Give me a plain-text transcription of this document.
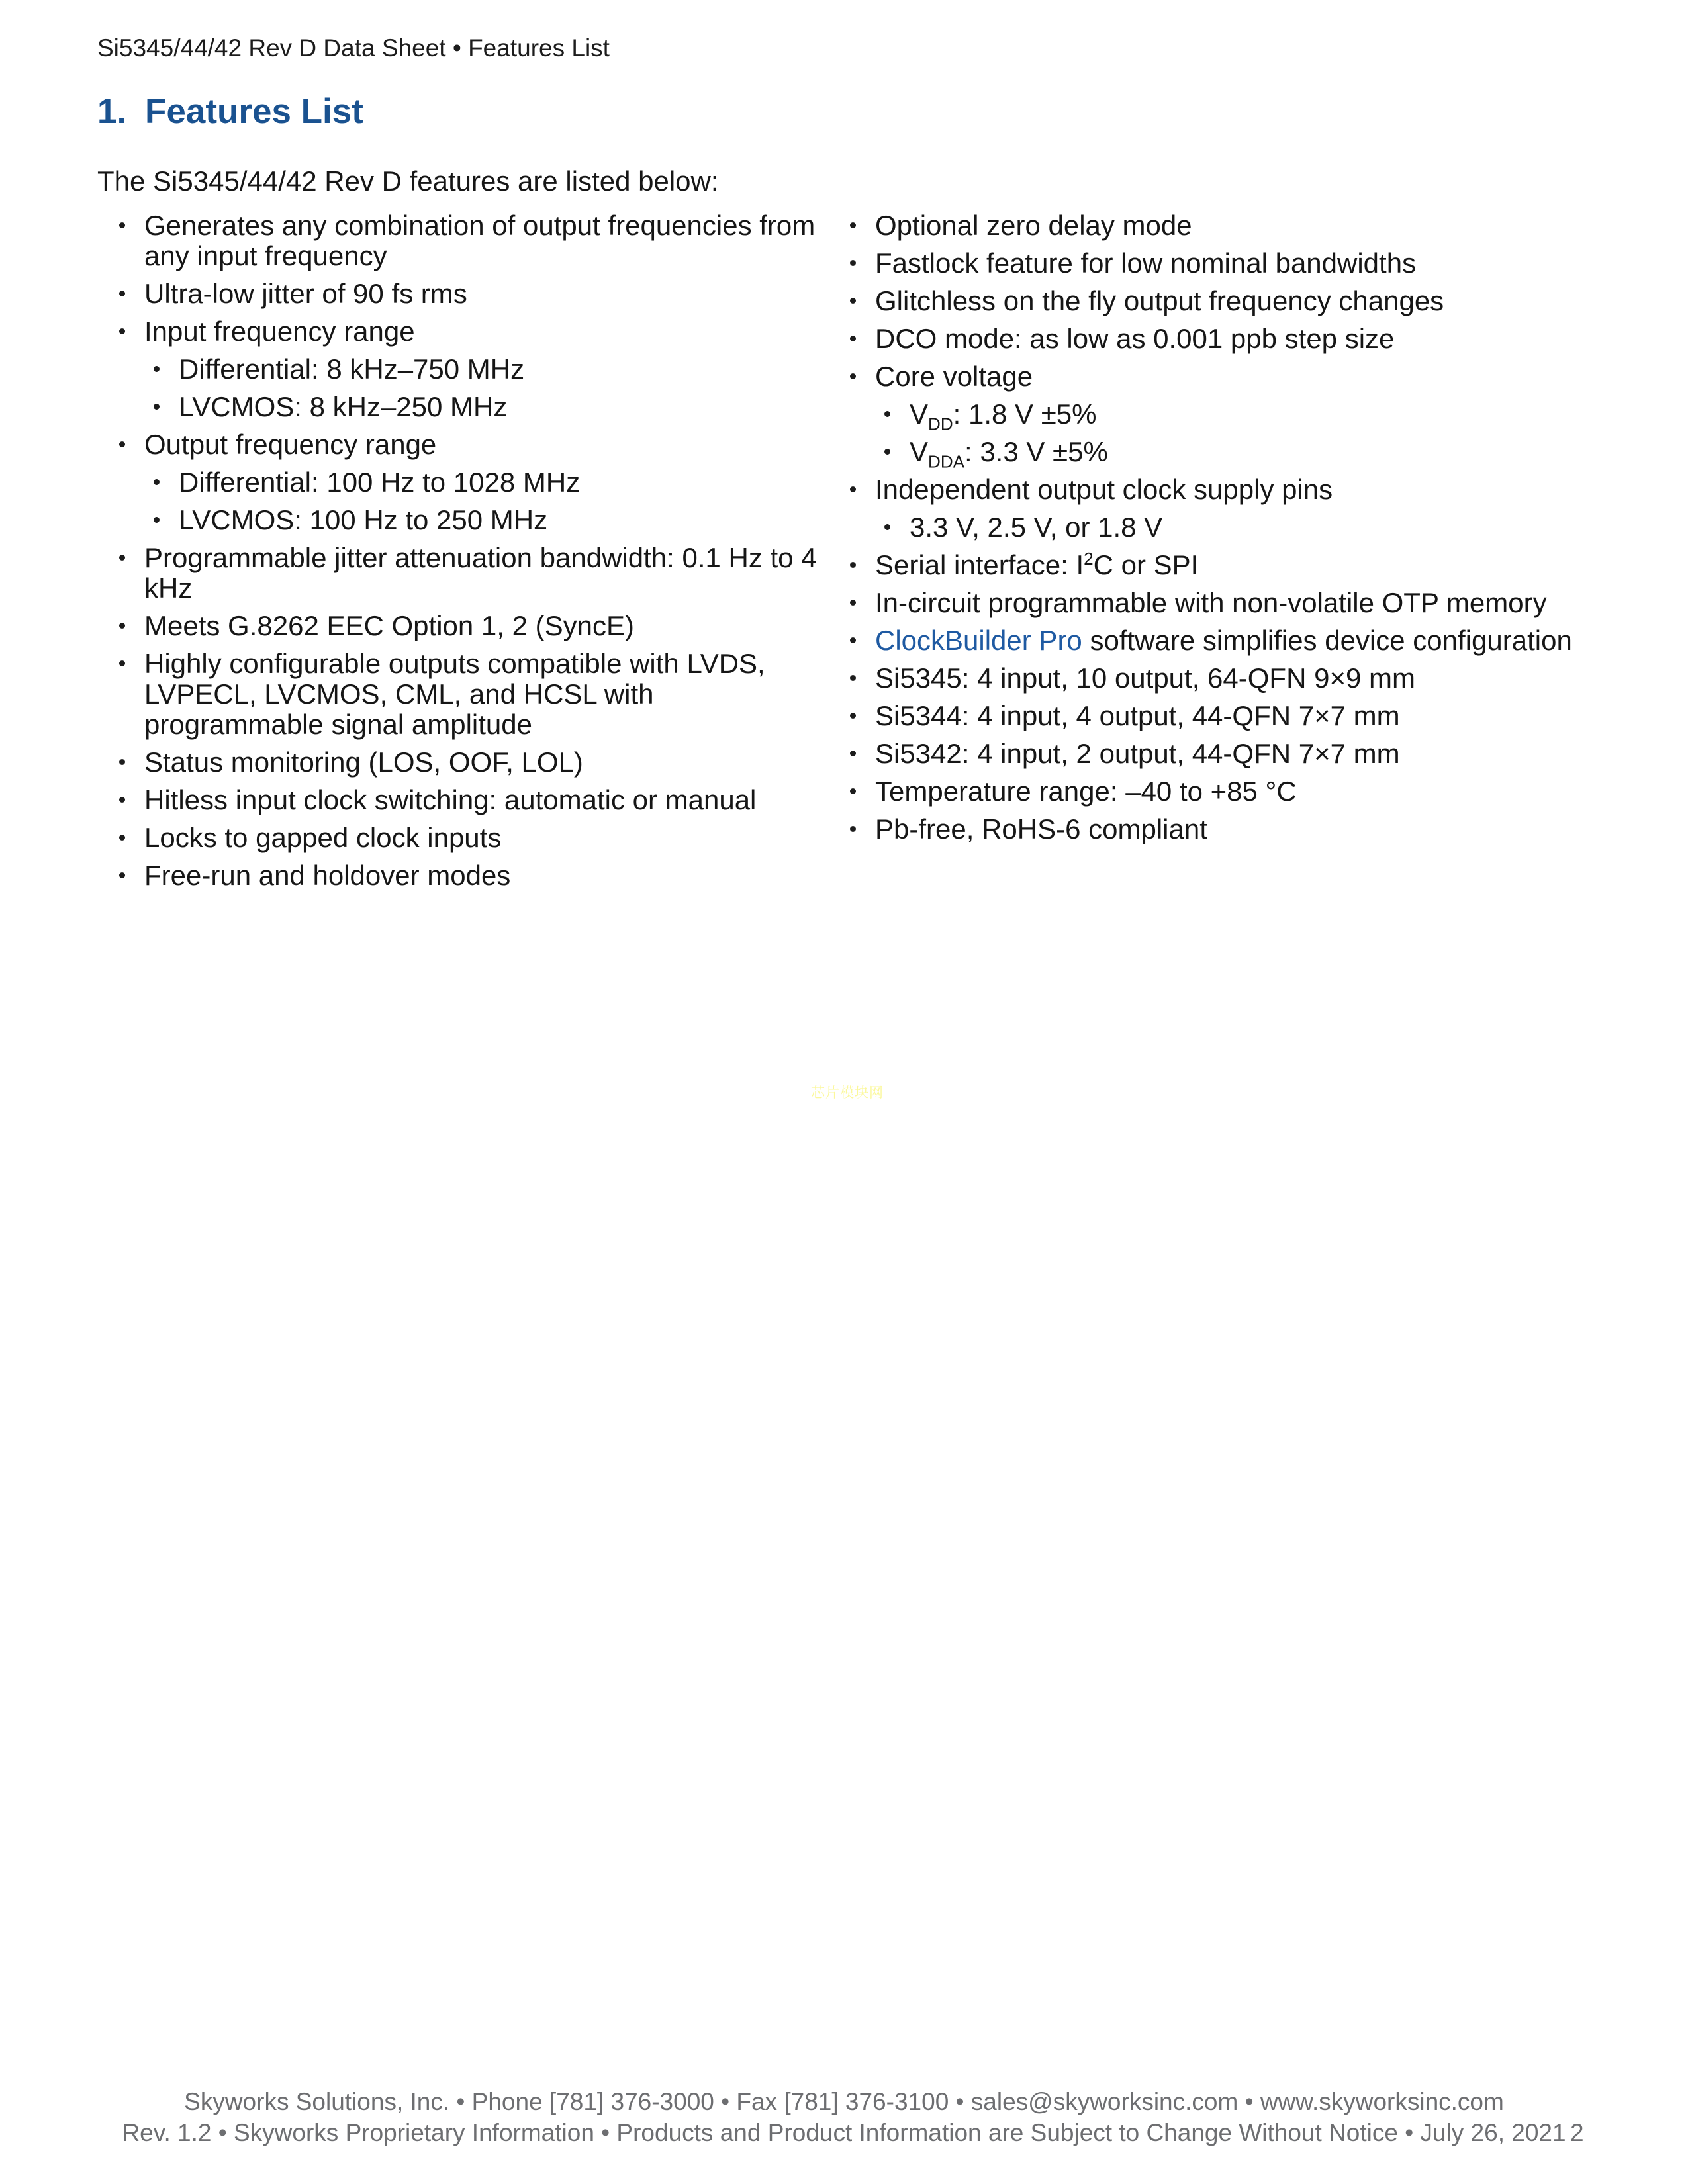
Si5345/44/42 Rev D Data Sheet • Features List
1. Features List
The Si5345/44/42 Rev D features are listed below:
Generates any combination of output frequencies from any input frequency
Ultra-low jitter of 90 fs rms
Input frequency range
Differential: 8 kHz–750 MHz
LVCMOS: 8 kHz–250 MHz
Output frequency range
Differential: 100 Hz to 1028 MHz
LVCMOS: 100 Hz to 250 MHz
Programmable jitter attenuation bandwidth: 0.1 Hz to 4 kHz
Meets G.8262 EEC Option 1, 2 (SyncE)
Highly configurable outputs compatible with LVDS, LVPECL, LVCMOS, CML, and HCSL with programmable signal amplitude
Status monitoring (LOS, OOF, LOL)
Hitless input clock switching: automatic or manual
Locks to gapped clock inputs
Free-run and holdover modes
Optional zero delay mode
Fastlock feature for low nominal bandwidths
Glitchless on the fly output frequency changes
DCO mode: as low as 0.001 ppb step size
Core voltage
$V_{DD}$: 1.8 V ±5%
$V_{DDA}$: 3.3 V ±5%
Independent output clock supply pins
3.3 V, 2.5 V, or 1.8 V
Serial interface: $I^2C$ or SPI
In-circuit programmable with non-volatile OTP memory
ClockBuilder Pro software simplifies device configuration
Si5345: 4 input, 10 output, 64-QFN 9×9 mm
Si5344: 4 input, 4 output, 44-QFN 7×7 mm
Si5342: 4 input, 2 output, 44-QFN 7×7 mm
Temperature range: –40 to +85 °C
Pb-free, RoHS-6 compliant
芯片模块网
Skyworks Solutions, Inc. • Phone [781] 376-3000 • Fax [781] 376-3100 • sales@skyworksinc.com • www.skyworksinc.com
Rev. 1.2 • Skyworks Proprietary Information • Products and Product Information are Subject to Change Without Notice • July 26, 2021 2
